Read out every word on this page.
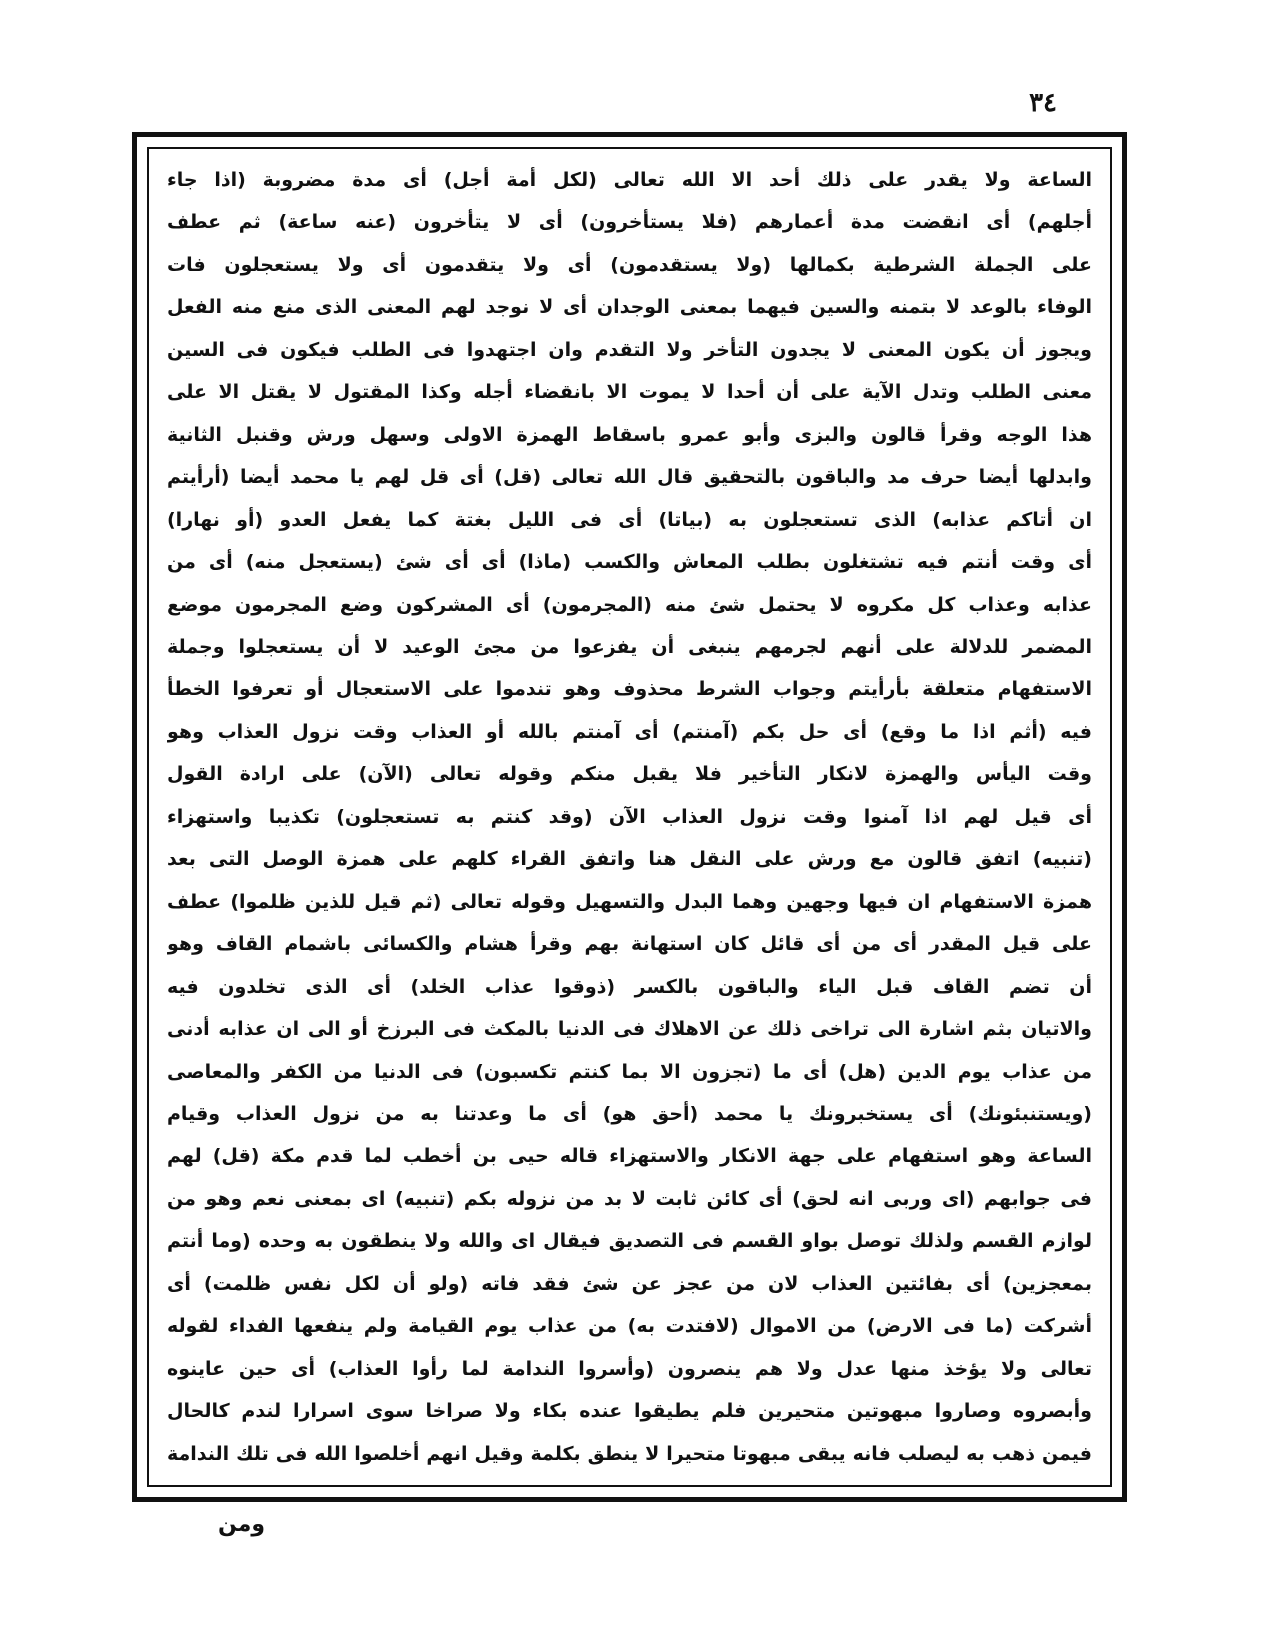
٣٤
الساعة ولا يقدر على ذلك أحد الا الله تعالى (لكل أمة أجل) أى مدة مضروبة (اذا جاء
أجلهم) أى انقضت مدة أعمارهم (فلا يستأخرون) أى لا يتأخرون (عنه ساعة) ثم عطف
على الجملة الشرطية بكمالها (ولا يستقدمون) أى ولا يتقدمون أى ولا يستعجلون فات
الوفاء بالوعد لا بتمنه والسين فيهما بمعنى الوجدان أى لا نوجد لهم المعنى الذى منع منه الفعل
ويجوز أن يكون المعنى لا يجدون التأخر ولا التقدم وان اجتهدوا فى الطلب فيكون فى السين
معنى الطلب وتدل الآية على أن أحدا لا يموت الا بانقضاء أجله وكذا المقتول لا يقتل الا على
هذا الوجه وقرأ قالون والبزى وأبو عمرو باسقاط الهمزة الاولى وسهل ورش وقنبل الثانية
وابدلها أيضا حرف مد والباقون بالتحقيق قال الله تعالى (قل) أى قل لهم يا محمد أيضا (أرأيتم
ان أتاكم عذابه) الذى تستعجلون به (بياتا) أى فى الليل بغتة كما يفعل العدو (أو نهارا)
أى وقت أنتم فيه تشتغلون بطلب المعاش والكسب (ماذا) أى أى شئ (يستعجل منه) أى من
عذابه وعذاب كل مكروه لا يحتمل شئ منه (المجرمون) أى المشركون وضع المجرمون موضع
المضمر للدلالة على أنهم لجرمهم ينبغى أن يفزعوا من مجئ الوعيد لا أن يستعجلوا وجملة
الاستفهام متعلقة بأرأيتم وجواب الشرط محذوف وهو تندموا على الاستعجال أو تعرفوا الخطأ
فيه (أثم اذا ما وقع) أى حل بكم (آمنتم) أى آمنتم بالله أو العذاب وقت نزول العذاب وهو
وقت اليأس والهمزة لانكار التأخير فلا يقبل منكم وقوله تعالى (الآن) على ارادة القول
أى قيل لهم اذا آمنوا وقت نزول العذاب الآن (وقد كنتم به تستعجلون) تكذيبا واستهزاء
(تنبيه) اتفق قالون مع ورش على النقل هنا واتفق القراء كلهم على همزة الوصل التى بعد
همزة الاستفهام ان فيها وجهين وهما البدل والتسهيل وقوله تعالى (ثم قيل للذين ظلموا) عطف
على قيل المقدر أى من أى قائل كان استهانة بهم وقرأ هشام والكسائى باشمام القاف وهو
أن تضم القاف قبل الياء والباقون بالكسر (ذوقوا عذاب الخلد) أى الذى تخلدون فيه
والاتيان بثم اشارة الى تراخى ذلك عن الاهلاك فى الدنيا بالمكث فى البرزخ أو الى ان عذابه أدنى
من عذاب يوم الدين (هل) أى ما (تجزون الا بما كنتم تكسبون) فى الدنيا من الكفر والمعاصى
(ويستنبئونك) أى يستخبرونك يا محمد (أحق هو) أى ما وعدتنا به من نزول العذاب وقيام
الساعة وهو استفهام على جهة الانكار والاستهزاء قاله حيى بن أخطب لما قدم مكة (قل) لهم
فى جوابهم (اى وربى انه لحق) أى كائن ثابت لا بد من نزوله بكم (تنبيه) اى بمعنى نعم وهو من
لوازم القسم ولذلك توصل بواو القسم فى التصديق فيقال اى والله ولا ينطقون به وحده (وما أنتم
بمعجزين) أى بفائتين العذاب لان من عجز عن شئ فقد فاته (ولو أن لكل نفس ظلمت) أى
أشركت (ما فى الارض) من الاموال (لافتدت به) من عذاب يوم القيامة ولم ينفعها الفداء لقوله
تعالى ولا يؤخذ منها عدل ولا هم ينصرون (وأسروا الندامة لما رأوا العذاب) أى حين عاينوه
وأبصروه وصاروا مبهوتين متحيرين فلم يطيقوا عنده بكاء ولا صراخا سوى اسرارا لندم كالحال
فيمن ذهب به ليصلب فانه يبقى مبهوتا متحيرا لا ينطق بكلمة وقيل انهم أخلصوا الله فى تلك الندامة
ومن
